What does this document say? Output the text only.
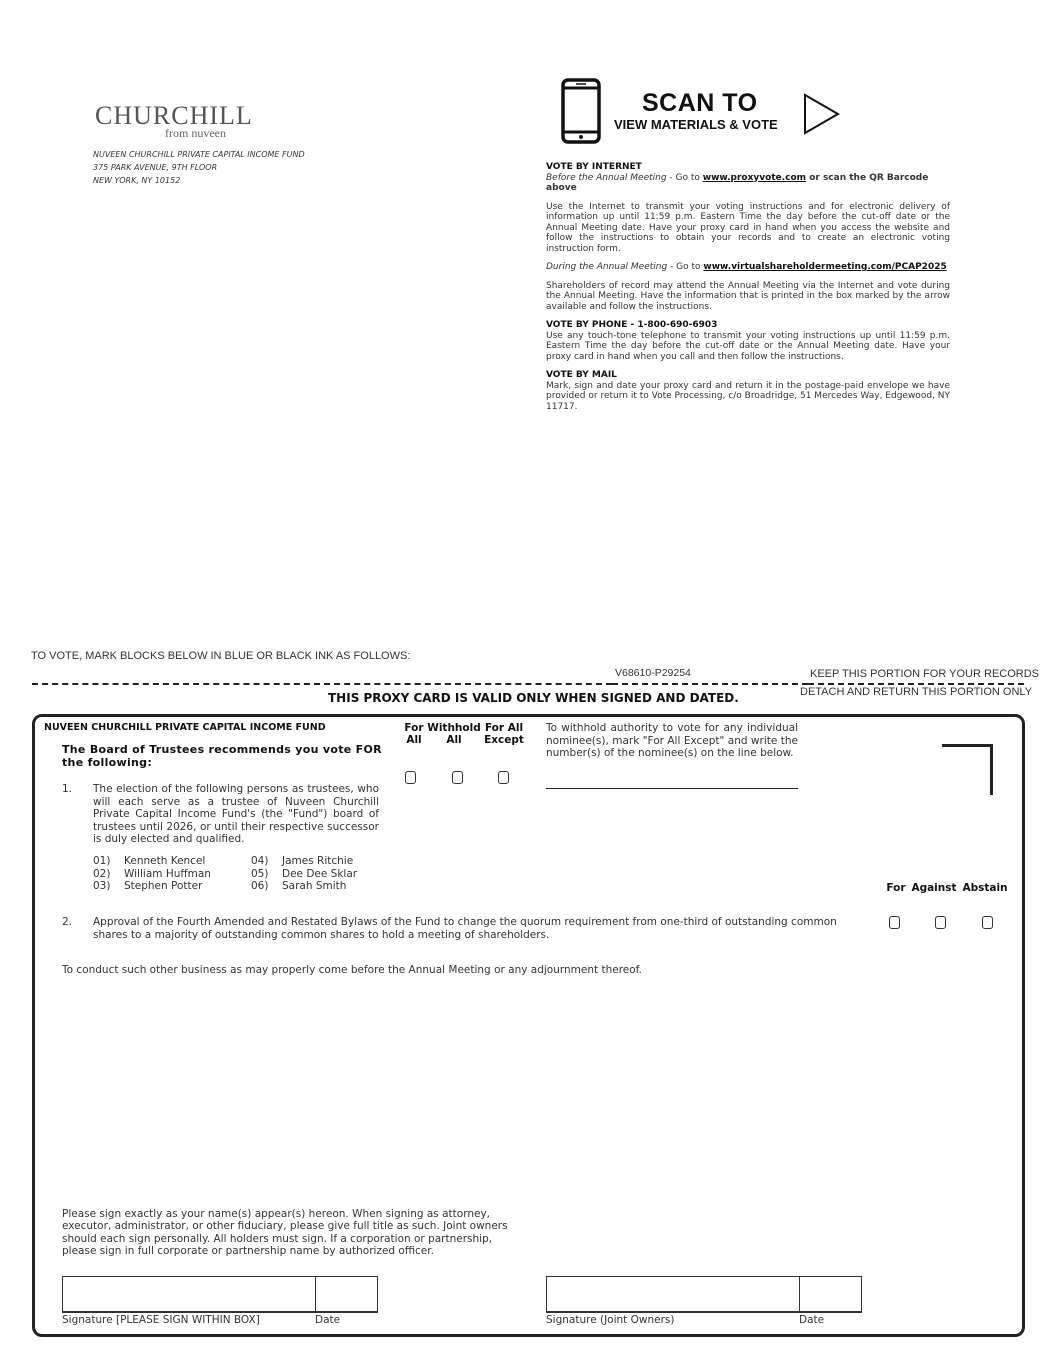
CHURCHILL
from nuveen
NUVEEN CHURCHILL PRIVATE CAPITAL INCOME FUND
375 PARK AVENUE, 9TH FLOOR
NEW YORK, NY 10152
SCAN TO
VIEW MATERIALS & VOTE
VOTE BY INTERNET

Before the Annual Meeting - Go to www.proxyvote.com or scan the QR Barcode above

Use the Internet to transmit your voting instructions and for electronic delivery of information up until 11:59 p.m. Eastern Time the day before the cut-off date or the Annual Meeting date. Have your proxy card in hand when you access the website and follow the instructions to obtain your records and to create an electronic voting instruction form.

During the Annual Meeting - Go to www.virtualshareholdermeeting.com/PCAP2025

Shareholders of record may attend the Annual Meeting via the Internet and vote during the Annual Meeting. Have the information that is printed in the box marked by the arrow available and follow the instructions.

VOTE BY PHONE - 1-800-690-6903

Use any touch-tone telephone to transmit your voting instructions up until 11:59 p.m. Eastern Time the day before the cut-off date or the Annual Meeting date. Have your proxy card in hand when you call and then follow the instructions.

VOTE BY MAIL

Mark, sign and date your proxy card and return it in the postage-paid envelope we have provided or return it to Vote Processing, c/o Broadridge, 51 Mercedes Way, Edgewood, NY 11717.

TO VOTE, MARK BLOCKS BELOW IN BLUE OR BLACK INK AS FOLLOWS:
V68610-P29254	KEEP THIS PORTION FOR YOUR RECORDS
DETACH AND RETURN THIS PORTION ONLY
THIS PROXY CARD IS VALID ONLY WHEN SIGNED AND DATED.
NUVEEN CHURCHILL PRIVATE CAPITAL INCOME FUND
The Board of Trustees recommends you vote FOR the following:
For
All
Withhold
All
For All
Except
To withhold authority to vote for any individual nominee(s), mark "For All Except" and write the number(s) of the nominee(s) on the line below.
1. The election of the following persons as trustees, who will each serve as a trustee of Nuveen Churchill Private Capital Income Fund's (the "Fund") board of trustees until 2026, or until their respective successor is duly elected and qualified.
01) Kenneth Kencel
02) William Huffman
03) Stephen Potter
04) James Ritchie
05) Dee Dee Sklar
06) Sarah Smith	For Against Abstain
2. Approval of the Fourth Amended and Restated Bylaws of the Fund to change the quorum requirement from one-third of outstanding common shares to a majority of outstanding common shares to hold a meeting of shareholders.
To conduct such other business as may properly come before the Annual Meeting or any adjournment thereof.
Please sign exactly as your name(s) appear(s) hereon. When signing as attorney, executor, administrator, or other fiduciary, please give full title as such. Joint owners should each sign personally. All holders must sign. If a corporation or partnership, please sign in full corporate or partnership name by authorized officer.
Signature [PLEASE SIGN WITHIN BOX]	Date	Signature (Joint Owners)	Date
